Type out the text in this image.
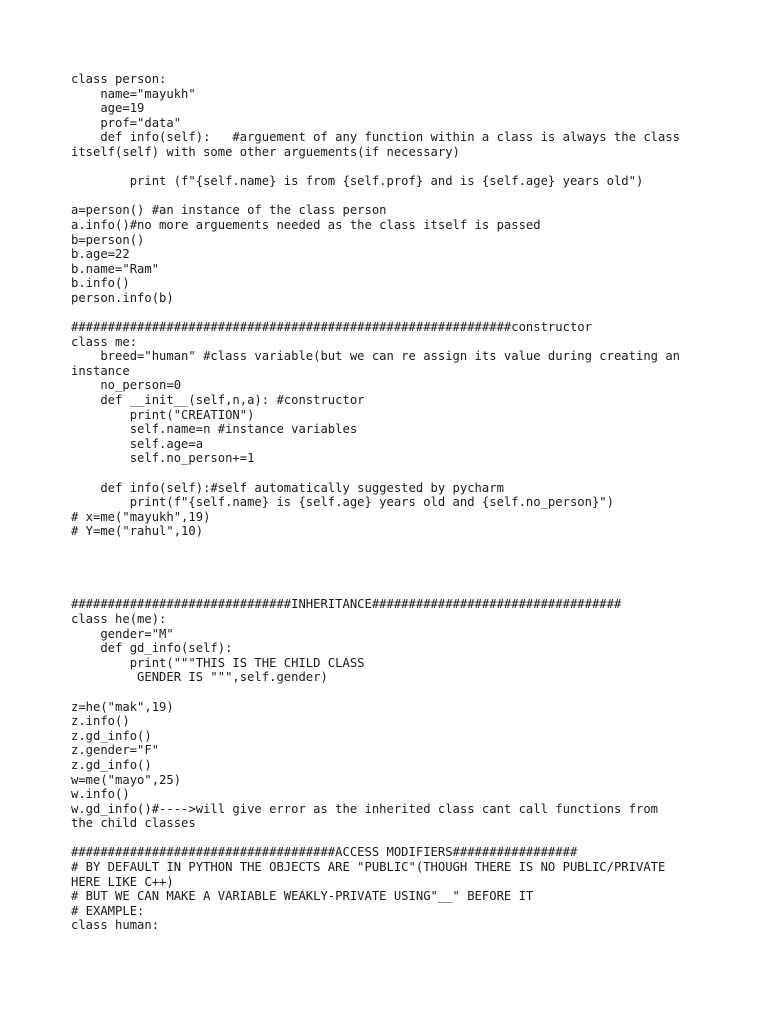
class person:
name="mayukh"
age=19
prof="data"
def info(self):   #arguement of any function within a class is always the class
itself(self) with some other arguements(if necessary)
print (f"{self.name} is from {self.prof} and is {self.age} years old")
a=person() #an instance of the class person
a.info()#no more arguements needed as the class itself is passed
b=person()
b.age=22
b.name="Ram"
b.info()
person.info(b)
############################################################constructor
class me:
breed="human" #class variable(but we can re assign its value during creating an
instance
no_person=0
def __init__(self,n,a): #constructor
print("CREATION")
self.name=n #instance variables
self.age=a
self.no_person+=1
def info(self):#self automatically suggested by pycharm
print(f"{self.name} is {self.age} years old and {self.no_person}")
# x=me("mayukh",19)
# Y=me("rahul",10)
##############################INHERITANCE##################################
class he(me):
gender="M"
def gd_info(self):
print("""THIS IS THE CHILD CLASS
GENDER IS """,self.gender)
z=he("mak",19)
z.info()
z.gd_info()
z.gender="F"
z.gd_info()
w=me("mayo",25)
w.info()
w.gd_info()#---->will give error as the inherited class cant call functions from
the child classes
####################################ACCESS MODIFIERS#################
# BY DEFAULT IN PYTHON THE OBJECTS ARE "PUBLIC"(THOUGH THERE IS NO PUBLIC/PRIVATE
HERE LIKE C++)
# BUT WE CAN MAKE A VARIABLE WEAKLY-PRIVATE USING"__" BEFORE IT
# EXAMPLE:
class human:
